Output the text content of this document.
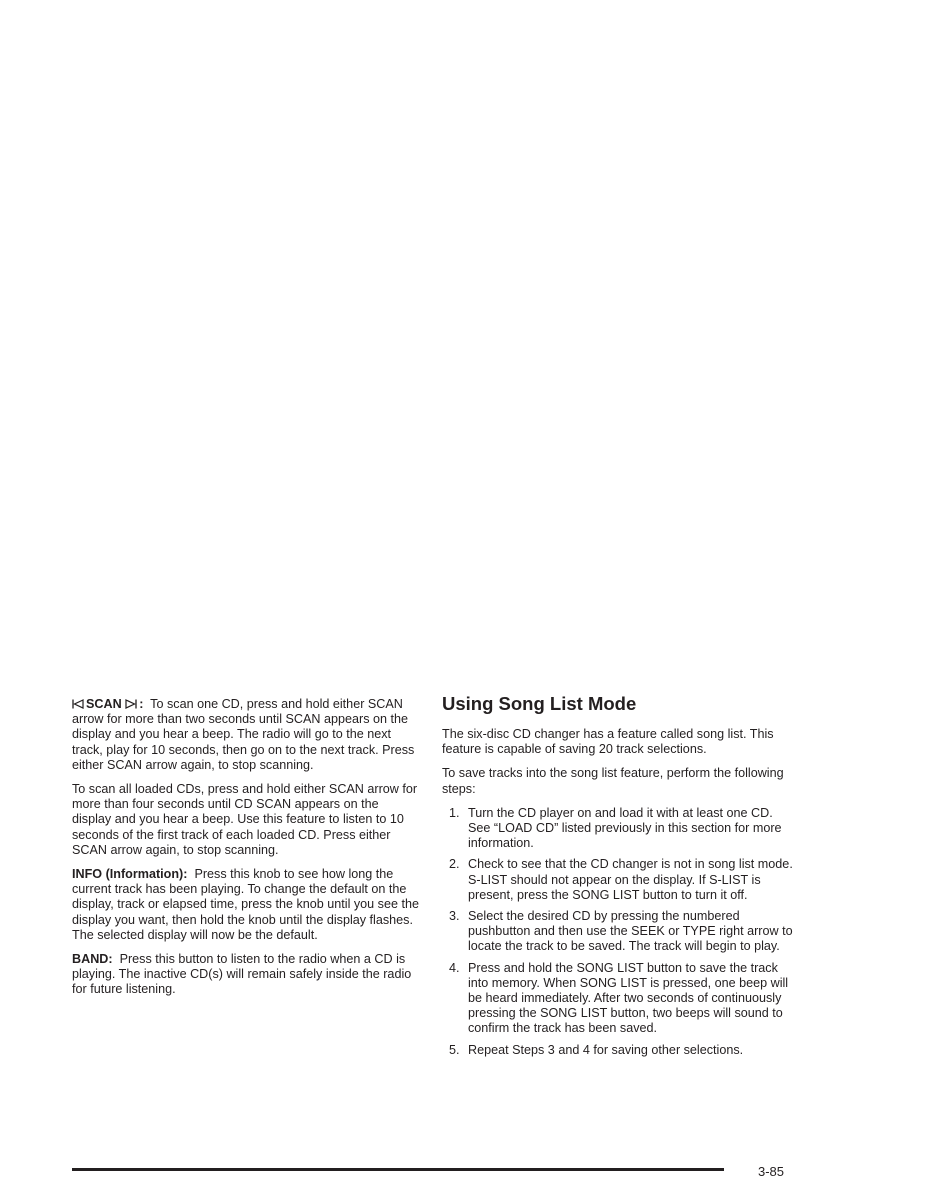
SCAN : To scan one CD, press and hold either SCAN arrow for more than two seconds until SCAN appears on the display and you hear a beep. The radio will go to the next track, play for 10 seconds, then go on to the next track. Press either SCAN arrow again, to stop scanning.

To scan all loaded CDs, press and hold either SCAN arrow for more than four seconds until CD SCAN appears on the display and you hear a beep. Use this feature to listen to 10 seconds of the first track of each loaded CD. Press either SCAN arrow again, to stop scanning.

INFO (Information): Press this knob to see how long the current track has been playing. To change the default on the display, track or elapsed time, press the knob until you see the display you want, then hold the knob until the display flashes. The selected display will now be the default.

BAND: Press this button to listen to the radio when a CD is playing. The inactive CD(s) will remain safely inside the radio for future listening.

Using Song List Mode

The six-disc CD changer has a feature called song list. This feature is capable of saving 20 track selections.

To save tracks into the song list feature, perform the following steps:

1. Turn the CD player on and load it with at least one CD. See “LOAD CD” listed previously in this section for more information.
2. Check to see that the CD changer is not in song list mode. S-LIST should not appear on the display. If S-LIST is present, press the SONG LIST button to turn it off.
3. Select the desired CD by pressing the numbered pushbutton and then use the SEEK or TYPE right arrow to locate the track to be saved. The track will begin to play.
4. Press and hold the SONG LIST button to save the track into memory. When SONG LIST is pressed, one beep will be heard immediately. After two seconds of continuously pressing the SONG LIST button, two beeps will sound to confirm the track has been saved.
5. Repeat Steps 3 and 4 for saving other selections.
3-85
